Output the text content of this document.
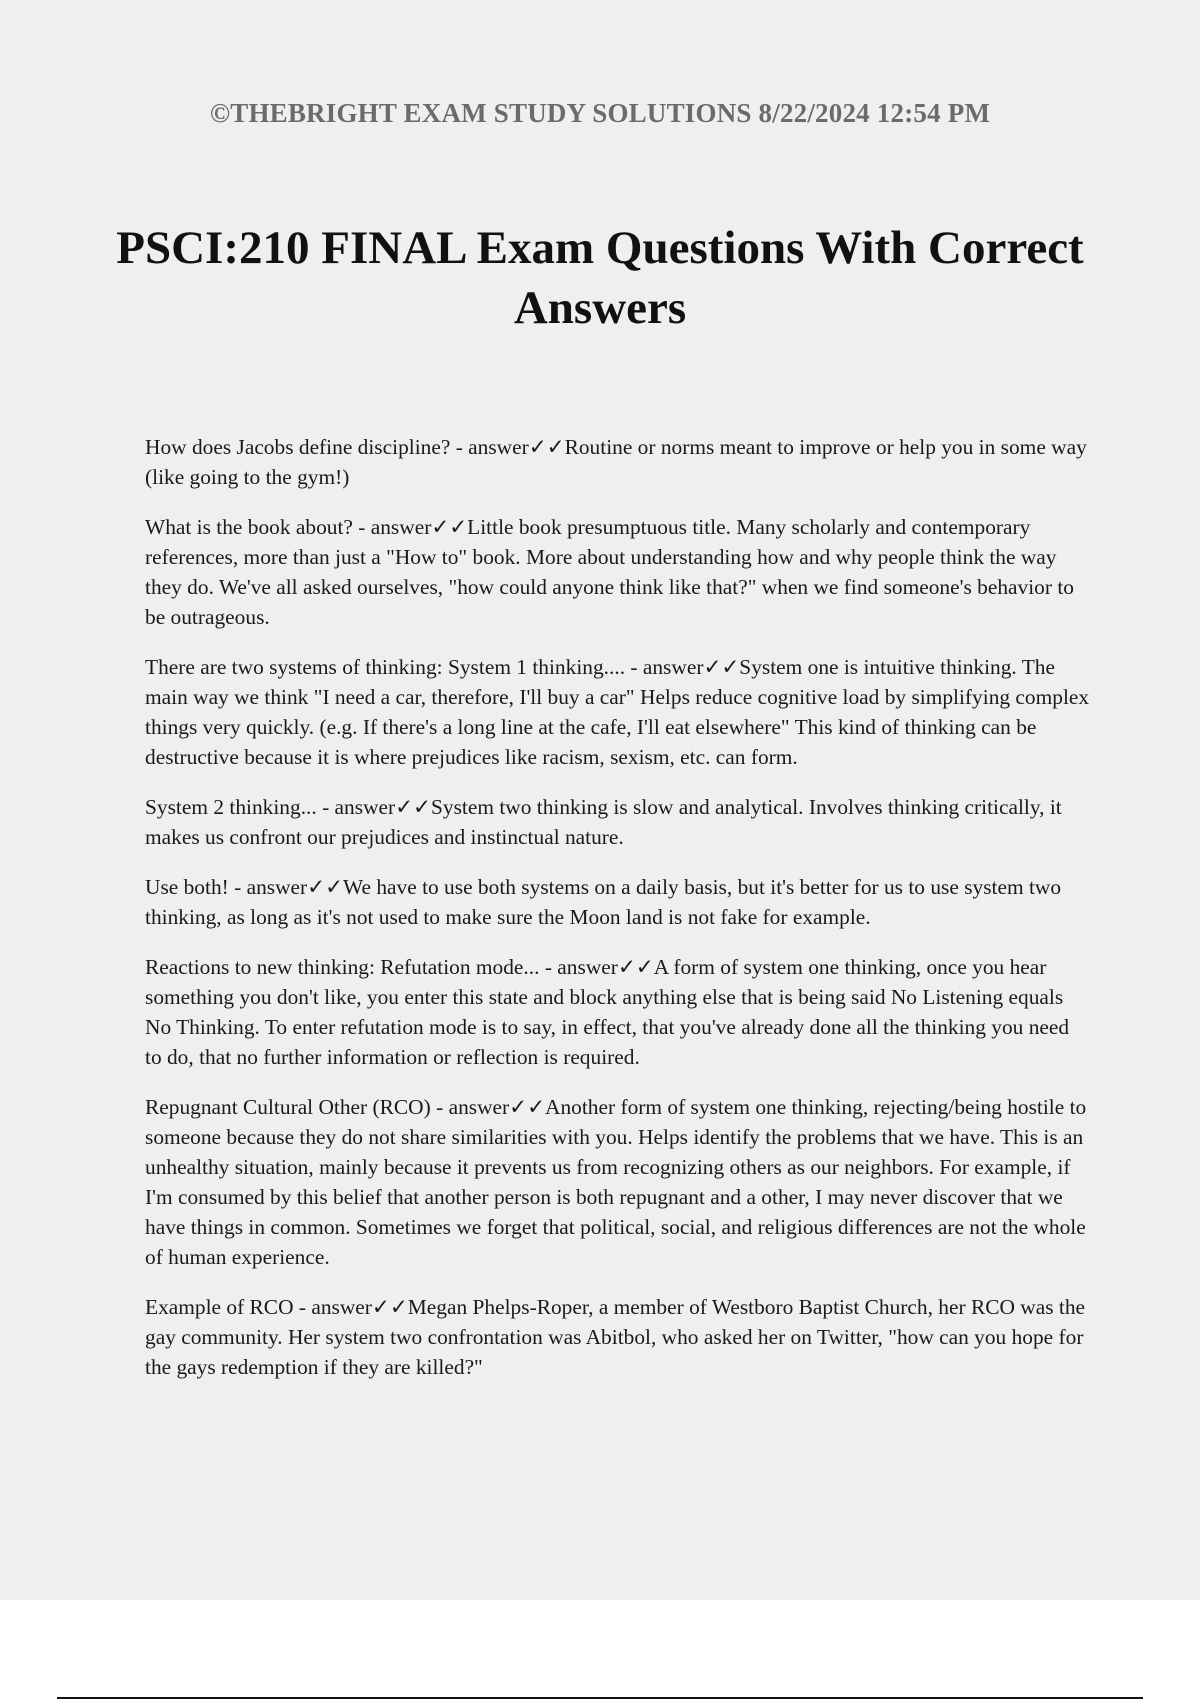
©THEBRIGHT EXAM STUDY SOLUTIONS 8/22/2024 12:54 PM
PSCI:210 FINAL Exam Questions With Correct Answers

How does Jacobs define discipline? - answer✓✓Routine or norms meant to improve or help you in some way (like going to the gym!)

What is the book about? - answer✓✓Little book presumptuous title. Many scholarly and contemporary references, more than just a "How to" book. More about understanding how and why people think the way they do. We've all asked ourselves, "how could anyone think like that?" when we find someone's behavior to be outrageous.

There are two systems of thinking: System 1 thinking.... - answer✓✓System one is intuitive thinking. The main way we think "I need a car, therefore, I'll buy a car" Helps reduce cognitive load by simplifying complex things very quickly. (e.g. If there's a long line at the cafe, I'll eat elsewhere" This kind of thinking can be destructive because it is where prejudices like racism, sexism, etc. can form.

System 2 thinking... - answer✓✓System two thinking is slow and analytical. Involves thinking critically, it makes us confront our prejudices and instinctual nature.

Use both! - answer✓✓We have to use both systems on a daily basis, but it's better for us to use system two thinking, as long as it's not used to make sure the Moon land is not fake for example.

Reactions to new thinking: Refutation mode... - answer✓✓A form of system one thinking, once you hear something you don't like, you enter this state and block anything else that is being said No Listening equals No Thinking. To enter refutation mode is to say, in effect, that you've already done all the thinking you need to do, that no further information or reflection is required.

Repugnant Cultural Other (RCO) - answer✓✓Another form of system one thinking, rejecting/being hostile to someone because they do not share similarities with you. Helps identify the problems that we have. This is an unhealthy situation, mainly because it prevents us from recognizing others as our neighbors. For example, if I'm consumed by this belief that another person is both repugnant and a other, I may never discover that we have things in common. Sometimes we forget that political, social, and religious differences are not the whole of human experience.

Example of RCO - answer✓✓Megan Phelps-Roper, a member of Westboro Baptist Church, her RCO was the gay community. Her system two confrontation was Abitbol, who asked her on Twitter, "how can you hope for the gays redemption if they are killed?"
